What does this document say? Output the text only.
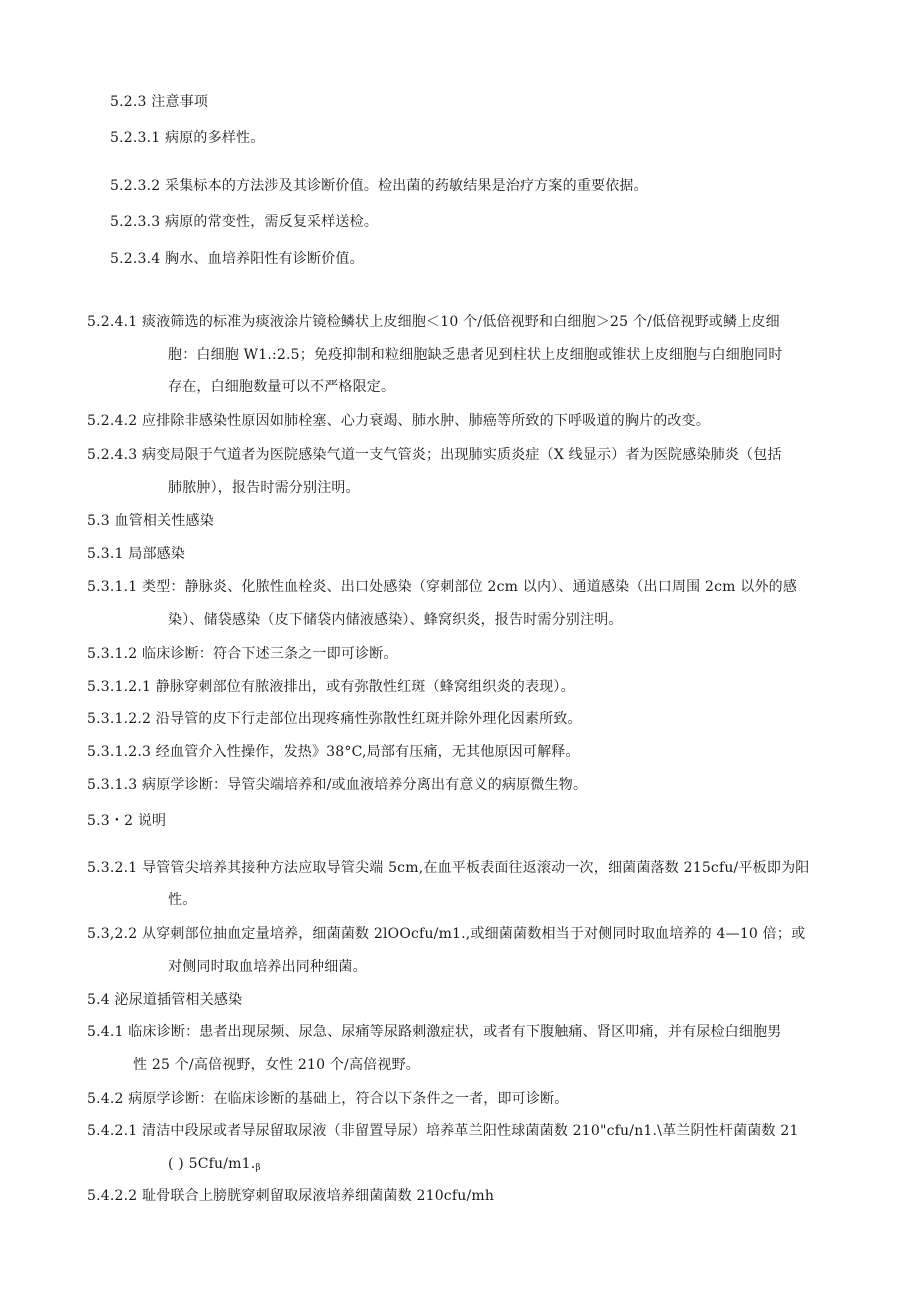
5.2.3 注意事项
5.2.3.1 病原的多样性。
5.2.3.2 采集标本的方法涉及其诊断价值。检出菌的药敏结果是治疗方案的重要依据。
5.2.3.3 病原的常变性，需反复采样送检。
5.2.3.4 胸水、血培养阳性有诊断价值。
5.2.4.1 痰液筛选的标准为痰液涂片镜检鳞状上皮细胞＜10 个/低倍视野和白细胞＞25 个/低倍视野或鳞上皮细
胞：白细胞 W1.:2.5；免疫抑制和粒细胞缺乏患者见到柱状上皮细胞或锥状上皮细胞与白细胞同时
存在，白细胞数量可以不严格限定。
5.2.4.2 应排除非感染性原因如肺栓塞、心力衰竭、肺水肿、肺癌等所致的下呼吸道的胸片的改变。
5.2.4.3 病变局限于气道者为医院感染气道一支气管炎；出现肺实质炎症（X 线显示）者为医院感染肺炎（包括
肺脓肿），报告时需分别注明。
5.3 血管相关性感染
5.3.1 局部感染
5.3.1.1 类型：静脉炎、化脓性血栓炎、出口处感染（穿刺部位 2cm 以内）、通道感染（出口周围 2cm 以外的感
染）、储袋感染（皮下储袋内储液感染）、蜂窝织炎，报告时需分别注明。
5.3.1.2 临床诊断：符合下述三条之一即可诊断。
5.3.1.2.1 静脉穿刺部位有脓液排出，或有弥散性红斑（蜂窝组织炎的表现）。
5.3.1.2.2 沿导管的皮下行走部位出现疼痛性弥散性红斑并除外理化因素所致。
5.3.1.2.3 经血管介入性操作，发热》38°C,局部有压痛，无其他原因可解释。
5.3.1.3 病原学诊断：导管尖端培养和/或血液培养分离出有意义的病原微生物。
5.3・2 说明
5.3.2.1 导管管尖培养其接种方法应取导管尖端 5cm,在血平板表面往返滚动一次，细菌菌落数 215cfu/平板即为阳
性。
5.3,2.2 从穿刺部位抽血定量培养，细菌菌数 2lOOcfu/m1.,或细菌菌数相当于对侧同时取血培养的 4—10 倍；或
对侧同时取血培养出同种细菌。
5.4 泌尿道插管相关感染
5.4.1 临床诊断：患者出现尿频、尿急、尿痛等尿路刺激症状，或者有下腹触痛、肾区叩痛，并有尿检白细胞男
性 25 个/高倍视野，女性 210 个/高倍视野。
5.4.2 病原学诊断：在临床诊断的基础上，符合以下条件之一者，即可诊断。
5.4.2.1 清洁中段尿或者导尿留取尿液（非留置导尿）培养革兰阳性球菌菌数 210"cfu/n1.\革兰阴性杆菌菌数 21
( ) $5Cfu/m1._\beta$
5.4.2.2 耻骨联合上膀胱穿刺留取尿液培养细菌菌数 210cfu/mh
